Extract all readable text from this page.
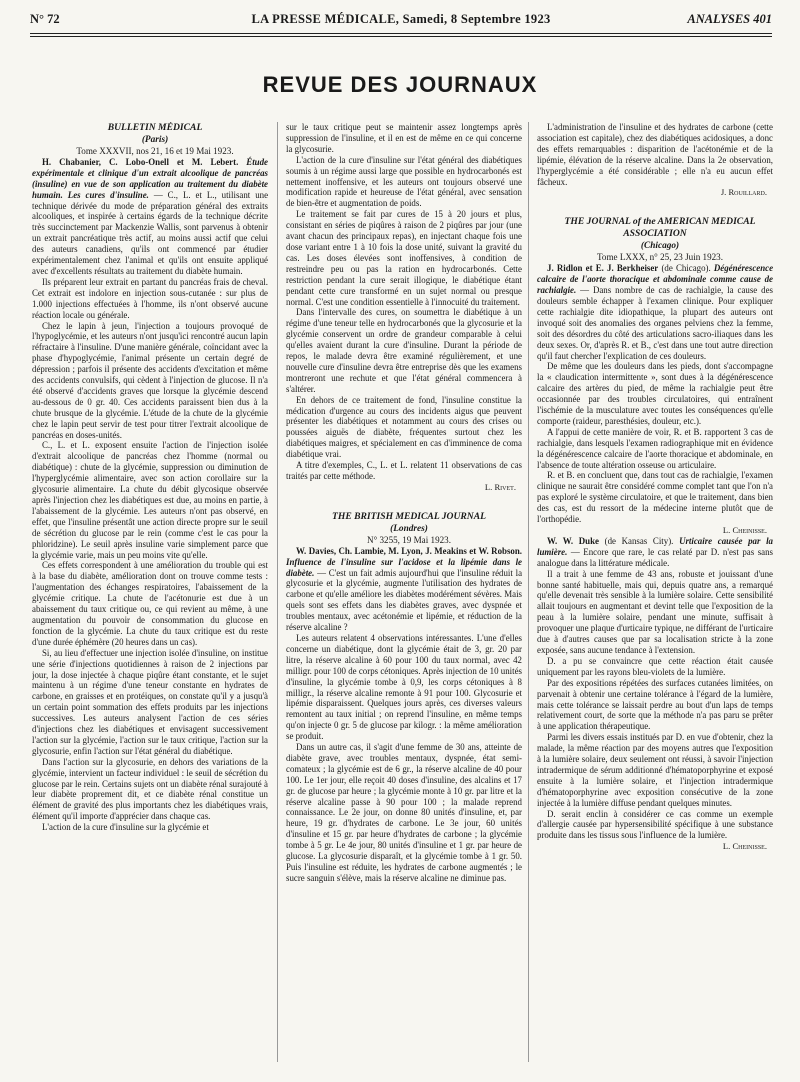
N° 72	LA PRESSE MÉDICALE, Samedi, 8 Septembre 1923	ANALYSES 401
REVUE DES JOURNAUX

BULLETIN MÉDICAL

(Paris)

Tome XXXVII, nos 21, 16 et 19 Mai 1923.

H. Chabanier, C. Lobo-Onell et M. Lebert. Étude expérimentale et clinique d'un extrait alcoolique de pancréas (insuline) en vue de son application au traitement du diabète humain. Les cures d'insuline. — C., L. et L., utilisant une technique dérivée du mode de préparation général des extraits alcooliques, et inspirée à certains égards de la technique décrite très succinctement par Mackenzie Wallis, sont parvenus à obtenir un extrait pancréatique très actif, au moins aussi actif que celui des auteurs canadiens, qu'ils ont commencé par étudier expérimentalement chez l'animal et qu'ils ont ensuite appliqué avec d'excellents résultats au traitement du diabète humain.

Ils préparent leur extrait en partant du pancréas frais de cheval. Cet extrait est indolore en injection sous-cutanée : sur plus de 1.000 injections effectuées à l'homme, ils n'ont observé aucune réaction locale ou générale.

Chez le lapin à jeun, l'injection a toujours provoqué de l'hypoglycémie, et les auteurs n'ont jusqu'ici rencontré aucun lapin réfractaire à l'insuline. D'une manière générale, coïncidant avec la phase d'hypoglycémie, l'animal présente un certain degré de dépression ; parfois il présente des accidents d'excitation et même des accidents convulsifs, qui cèdent à l'injection de glucose. Il n'a été observé d'accidents graves que lorsque la glycémie descend au-dessous de 0 gr. 40. Ces accidents paraissent bien dus à la chute brusque de la glycémie. L'étude de la chute de la glycémie chez le lapin peut servir de test pour titrer l'extrait alcoolique de pancréas en doses-unités.

C., L. et L. exposent ensuite l'action de l'injection isolée d'extrait alcoolique de pancréas chez l'homme (normal ou diabétique) : chute de la glycémie, suppression ou diminution de l'hyperglycémie alimentaire, avec son action corollaire sur la glycosurie alimentaire. La chute du débit glycosique observée après l'injection chez les diabétiques est due, au moins en partie, à l'abaissement de la glycémie. Les auteurs n'ont pas observé, en effet, que l'insuline présentât une action directe propre sur le seuil de sécrétion du glucose par le rein (comme c'est le cas pour la phloridzine). Le seuil après insuline varie simplement parce que la glycémie varie, mais un peu moins vite qu'elle.

Ces effets correspondent à une amélioration du trouble qui est à la base du diabète, amélioration dont on trouve comme tests : l'augmentation des échanges respiratoires, l'abaissement de la glycémie critique. La chute de l'acétonurie est due à un abaissement du taux critique ou, ce qui revient au même, à une augmentation du pouvoir de consommation du glucose en fonction de la glycémie. La chute du taux critique est du reste d'une durée éphémère (20 heures dans un cas).

Si, au lieu d'effectuer une injection isolée d'insuline, on institue une série d'injections quotidiennes à raison de 2 injections par jour, la dose injectée à chaque piqûre étant constante, et le sujet maintenu à un régime d'une teneur constante en hydrates de carbone, en graisses et en protéiques, on constate qu'il y a jusqu'à un certain point sommation des effets produits par les injections successives. Les auteurs analysent l'action de ces séries d'injections chez les diabétiques et envisagent successivement l'action sur la glycémie, l'action sur le taux critique, l'action sur la glycosurie, enfin l'action sur l'état général du diabétique.

Dans l'action sur la glycosurie, en dehors des variations de la glycémie, intervient un facteur individuel : le seuil de sécrétion du glucose par le rein. Certains sujets ont un diabète rénal surajouté à leur diabète proprement dit, et ce diabète rénal constitue un élément de gravité des plus importants chez les diabétiques vrais, élément qu'il importe d'apprécier dans chaque cas.

L'action de la cure d'insuline sur la glycémie et

sur le taux critique peut se maintenir assez longtemps après suppression de l'insuline, et il en est de même en ce qui concerne la glycosurie.

L'action de la cure d'insuline sur l'état général des diabétiques soumis à un régime aussi large que possible en hydrocarbonés est nettement inoffensive, et les auteurs ont toujours observé une modification rapide et heureuse de l'état général, avec sensation de bien-être et augmentation de poids.

Le traitement se fait par cures de 15 à 20 jours et plus, consistant en séries de piqûres à raison de 2 piqûres par jour (une avant chacun des principaux repas), en injectant chaque fois une dose variant entre 1 à 10 fois la dose unité, suivant la gravité du cas. Les doses élevées sont inoffensives, à condition de restreindre peu ou pas la ration en hydrocarbonés. Cette restriction pendant la cure serait illogique, le diabétique étant pendant cette cure transformé en un sujet normal ou presque normal. C'est une condition essentielle à l'innocuité du traitement.

Dans l'intervalle des cures, on soumettra le diabétique à un régime d'une teneur telle en hydrocarbonés que la glycosurie et la glycémie conservent un ordre de grandeur comparable à celui qu'elles avaient durant la cure d'insuline. Durant la période de repos, le malade devra être examiné régulièrement, et une nouvelle cure d'insuline devra être entreprise dès que les examens montreront une rechute et que l'état général commencera à s'altérer.

En dehors de ce traitement de fond, l'insuline constitue la médication d'urgence au cours des incidents aigus que peuvent présenter les diabétiques et notamment au cours des crises ou poussées aiguës de diabète, fréquentes surtout chez les diabétiques maigres, et spécialement en cas d'imminence de coma diabétique vrai.

A titre d'exemples, C., L. et L. relatent 11 observations de cas traités par cette méthode.

L. Rivet.

THE BRITISH MEDICAL JOURNAL

(Londres)

N° 3255, 19 Mai 1923.

W. Davies, Ch. Lambie, M. Lyon, J. Meakins et W. Robson. Influence de l'insuline sur l'acidose et la lipémie dans le diabète. — C'est un fait admis aujourd'hui que l'insuline réduit la glycosurie et la glycémie, augmente l'utilisation des hydrates de carbone et qu'elle améliore les diabètes modérément sévères. Mais quels sont ses effets dans les diabètes graves, avec dyspnée et troubles mentaux, avec acétonémie et lipémie, et réduction de la réserve alcaline ?

Les auteurs relatent 4 observations intéressantes. L'une d'elles concerne un diabétique, dont la glycémie était de 3, gr. 20 par litre, la réserve alcaline à 60 pour 100 du taux normal, avec 42 milligr. pour 100 de corps cétoniques. Après injection de 10 unités d'insuline, la glycémie tombe à 0,9, les corps cétoniques à 8 milligr., la réserve alcaline remonte à 91 pour 100. Glycosurie et lipémie disparaissent. Quelques jours après, ces diverses valeurs remontent au taux initial ; on reprend l'insuline, en même temps qu'on injecte 0 gr. 5 de glucose par kilogr. : la même amélioration se produit.

Dans un autre cas, il s'agit d'une femme de 30 ans, atteinte de diabète grave, avec troubles mentaux, dyspnée, état semi-comateux ; la glycémie est de 6 gr., la réserve alcaline de 40 pour 100. Le 1er jour, elle reçoit 40 doses d'insuline, des alcalins et 17 gr. de glucose par heure ; la glycémie monte à 10 gr. par litre et la réserve alcaline passe à 90 pour 100 ; la malade reprend connaissance. Le 2e jour, on donne 80 unités d'insuline, et, par heure, 19 gr. d'hydrates de carbone. Le 3e jour, 60 unités d'insuline et 15 gr. par heure d'hydrates de carbone ; la glycémie tombe à 5 gr. Le 4e jour, 80 unités d'insuline et 1 gr. par heure de glucose. La glycosurie disparaît, et la glycémie tombe à 1 gr. 50. Puis l'insuline est réduite, les hydrates de carbone augmentés ; le sucre sanguin s'élève, mais la réserve alcaline ne diminue pas.

L'administration de l'insuline et des hydrates de carbone (cette association est capitale), chez des diabétiques acidosiques, a donc des effets remarquables : disparition de l'acétonémie et de la lipémie, élévation de la réserve alcaline. Dans la 2e observation, l'hyperglycémie a été considérable ; elle n'a eu aucun effet fâcheux.

J. Rouillard.

THE JOURNAL of the AMERICAN MEDICAL ASSOCIATION

(Chicago)

Tome LXXX, n° 25, 23 Juin 1923.

J. Ridlon et E. J. Berkheiser (de Chicago). Dégénérescence calcaire de l'aorte thoracique et abdominale comme cause de rachialgie. — Dans nombre de cas de rachialgie, la cause des douleurs semble échapper à l'examen clinique. Pour expliquer cette rachialgie dite idiopathique, la plupart des auteurs ont invoqué soit des anomalies des organes pelviens chez la femme, soit des désordres du côté des articulations sacro-iliaques dans les deux sexes. Or, d'après R. et B., c'est dans une tout autre direction qu'il faut chercher l'explication de ces douleurs.

De même que les douleurs dans les pieds, dont s'accompagne la « claudication intermittente », sont dues à la dégénérescence calcaire des artères du pied, de même la rachialgie peut être occasionnée par des troubles circulatoires, qui entraînent l'ischémie de la musculature avec toutes les conséquences qu'elle comporte (raideur, paresthésies, douleur, etc.).

A l'appui de cette manière de voir, R. et B. rapportent 3 cas de rachialgie, dans lesquels l'examen radiographique mit en évidence la dégénérescence calcaire de l'aorte thoracique et abdominale, en l'absence de toute altération osseuse ou articulaire.

R. et B. en concluent que, dans tout cas de rachialgie, l'examen clinique ne saurait être considéré comme complet tant que l'on n'a pas exploré le système circulatoire, et que le traitement, dans bien des cas, est du ressort de la médecine interne plutôt que de l'orthopédie.

L. Cheinisse.

W. W. Duke (de Kansas City). Urticaire causée par la lumière. — Encore que rare, le cas relaté par D. n'est pas sans analogue dans la littérature médicale.

Il a trait à une femme de 43 ans, robuste et jouissant d'une bonne santé habituelle, mais qui, depuis quatre ans, a remarqué qu'elle devenait très sensible à la lumière solaire. Cette sensibilité allait toujours en augmentant et devint telle que l'exposition de la peau à la lumière solaire, pendant une minute, suffisait à provoquer une plaque d'urticaire typique, ne différant de l'urticaire due à d'autres causes que par sa localisation stricte à la zone exposée, sans aucune tendance à l'extension.

D. a pu se convaincre que cette réaction était causée uniquement par les rayons bleu-violets de la lumière.

Par des expositions répétées des surfaces cutanées limitées, on parvenait à obtenir une certaine tolérance à l'égard de la lumière, mais cette tolérance se laissait perdre au bout d'un laps de temps relativement court, de sorte que la méthode n'a pas paru se prêter à une application thérapeutique.

Parmi les divers essais institués par D. en vue d'obtenir, chez la malade, la même réaction par des moyens autres que l'exposition à la lumière solaire, deux seulement ont réussi, à savoir l'injection intradermique de sérum additionné d'hématoporphyrine et exposé ensuite à la lumière solaire, et l'injection intradermique d'hématoporphyrine avec exposition consécutive de la zone injectée à la lumière diffuse pendant quelques minutes.

D. serait enclin à considérer ce cas comme un exemple d'allergie causée par hypersensibilité spécifique à une substance produite dans les tissus sous l'influence de la lumière.

L. Cheinisse.
